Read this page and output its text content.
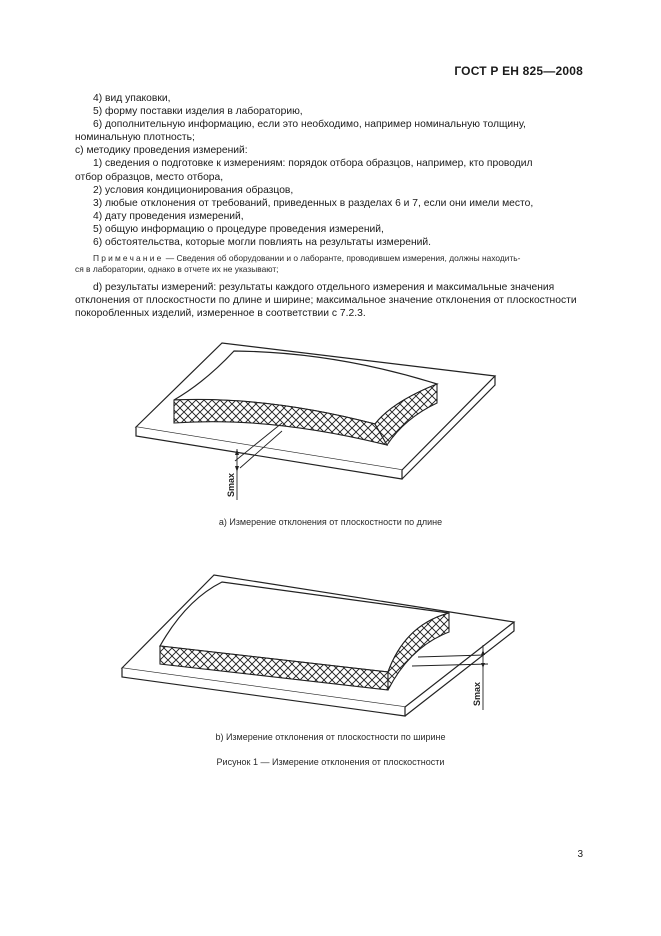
ГОСТ Р ЕН 825—2008

4) вид упаковки,

5) форму поставки изделия в лабораторию,

6) дополнительную информацию, если это необходимо, например номинальную толщину,

номинальную плотность;

c) методику проведения измерений:

1) сведения о подготовке к измерениям: порядок отбора образцов, например, кто проводил

отбор образцов, место отбора,

2) условия кондиционирования образцов,

3) любые отклонения от требований, приведенных в разделах 6 и 7, если они имели место,

4) дату проведения измерений,

5) общую информацию о процедуре проведения измерений,

6) обстоятельства, которые могли повлиять на результаты измерений.

Примечание — Сведения об оборудовании и о лаборанте, проводившем измерения, должны находить-

ся в лаборатории, однако в отчете их не указывают;

d) результаты измерений: результаты каждого отдельного измерения и максимальные значения

отклонения от плоскостности по длине и ширине; максимальное значение отклонения от плоскостности

покоробленных изделий, измеренное в соответствии с 7.2.3.

Smax
a) Измерение отклонения от плоскостности по длине
Smax
b) Измерение отклонения от плоскостности по ширине
Рисунок 1 — Измерение отклонения от плоскостности
3
